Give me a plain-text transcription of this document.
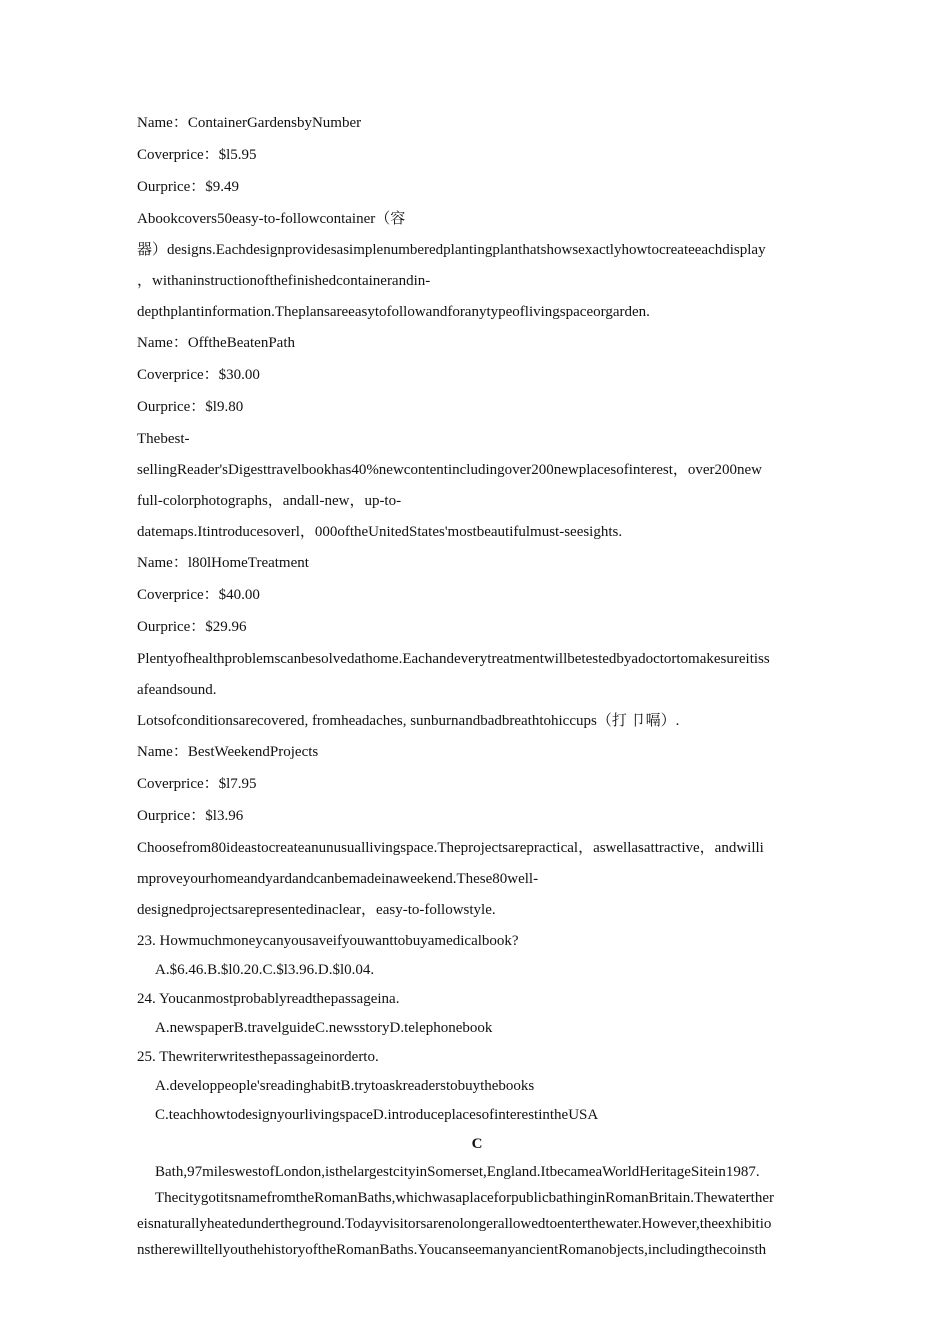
Name：ContainerGardensbyNumber
Coverprice：$l5.95
Ourprice：$9.49
Abookcovers50easy-to-followcontainer（容
器）designs.Eachdesignprovidesasimplenumberedplantingplanthatshowsexactlyhowtocreateeachdisplay
，withaninstructionofthefinishedcontainerandin-
depthplantinformation.Theplansareeasytofollowandforanytypeoflivingspaceorgarden.
Name：OfftheBeatenPath
Coverprice：$30.00
Ourprice：$l9.80
Thebest-
sellingReader'sDigesttravelbookhas40%newcontentincludingover200newplacesofinterest，over200new
full-colorphotographs，andall-new，up-to-
datemaps.Itintroducesoverl，000oftheUnitedStates'mostbeautifulmust-seesights.
Name：l80lHomeTreatment
Coverprice：$40.00
Ourprice：$29.96
Plentyofhealthproblemscanbesolvedathome.Eachandeverytreatmentwillbetestedbyadoctortomakesureitiss
afeandsound.
Lotsofconditionsarecovered, fromheadaches, sunburnandbadbreathtohiccups（打 卩嗝）.
Name：BestWeekendProjects
Coverprice：$l7.95
Ourprice：$l3.96
Choosefrom80ideastocreateanunusuallivingspace.Theprojectsarepractical，aswellasattractive，andwilli
mproveyourhomeandyardandcanbemadeinaweekend.These80well-
designedprojectsarepresentedinaclear，easy-to-followstyle.
23. Howmuchmoneycanyousaveifyouwanttobuyamedicalbook?
A.$6.46.B.$l0.20.C.$l3.96.D.$l0.04.
24. Youcanmostprobablyreadthepassageina.
A.newspaperB.travelguideC.newsstoryD.telephonebook
25. Thewriterwritesthepassageinorderto.
A.developpeople'sreadinghabitB.trytoaskreaderstobuythebooks
C.teachhowtodesignyourlivingspaceD.introduceplacesofinterestintheUSA
C
Bath,97mileswestofLondon,isthelargestcityinSomerset,England.ItbecameaWorldHeritageSitein1987.
ThecitygotitsnamefromtheRomanBaths,whichwasaplaceforpublicbathinginRomanBritain.Thewaterther
eisnaturallyheatedundertheground.Todayvisitorsarenolongerallowedtoenterthewater.However,theexhibitio
nstherewilltellyouthehistoryoftheRomanBaths.YoucanseemanyancientRomanobjects,includingthecoinsth
